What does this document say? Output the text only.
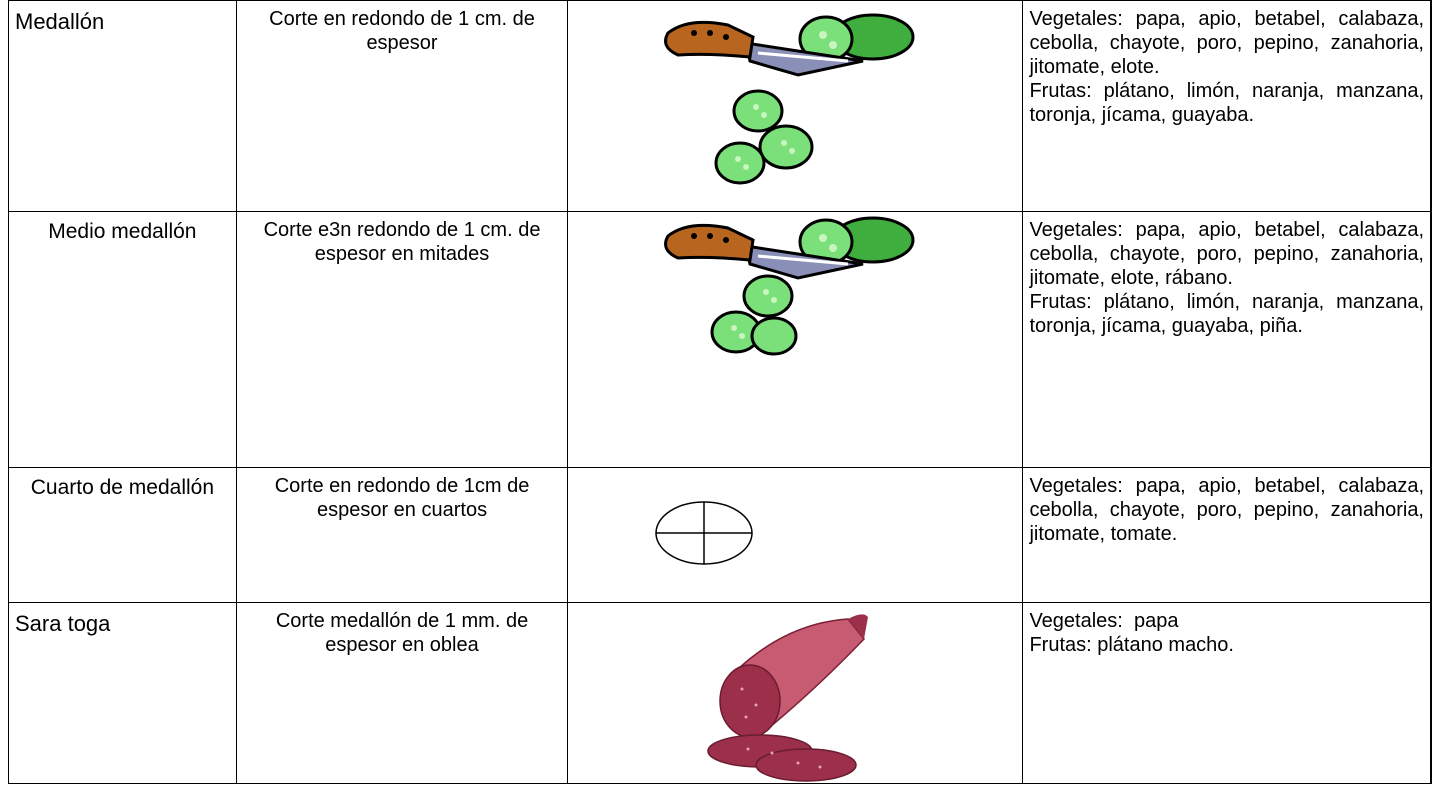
Medallón	Corte en redondo de 1 cm. de espesor		Vegetales: papa, apio, betabel, calabaza, cebolla, chayote, poro, pepino, zanahoria, jitomate, elote.

Frutas: plátano, limón, naranja, manzana, toronja, jícama, guayaba.

Medio medallón	Corte e3n redondo de 1 cm. de espesor en mitades		Vegetales: papa, apio, betabel, calabaza, cebolla, chayote, poro, pepino, zanahoria, jitomate, elote, rábano.

Frutas: plátano, limón, naranja, manzana, toronja, jícama, guayaba, piña.

Cuarto de medallón	Corte en redondo de 1cm de espesor en cuartos		Vegetales: papa, apio, betabel, calabaza, cebolla, chayote, poro, pepino, zanahoria, jitomate, tomate.

Sara toga	Corte medallón de 1 mm. de espesor en oblea		Vegetales:  papa

Frutas: plátano macho.
